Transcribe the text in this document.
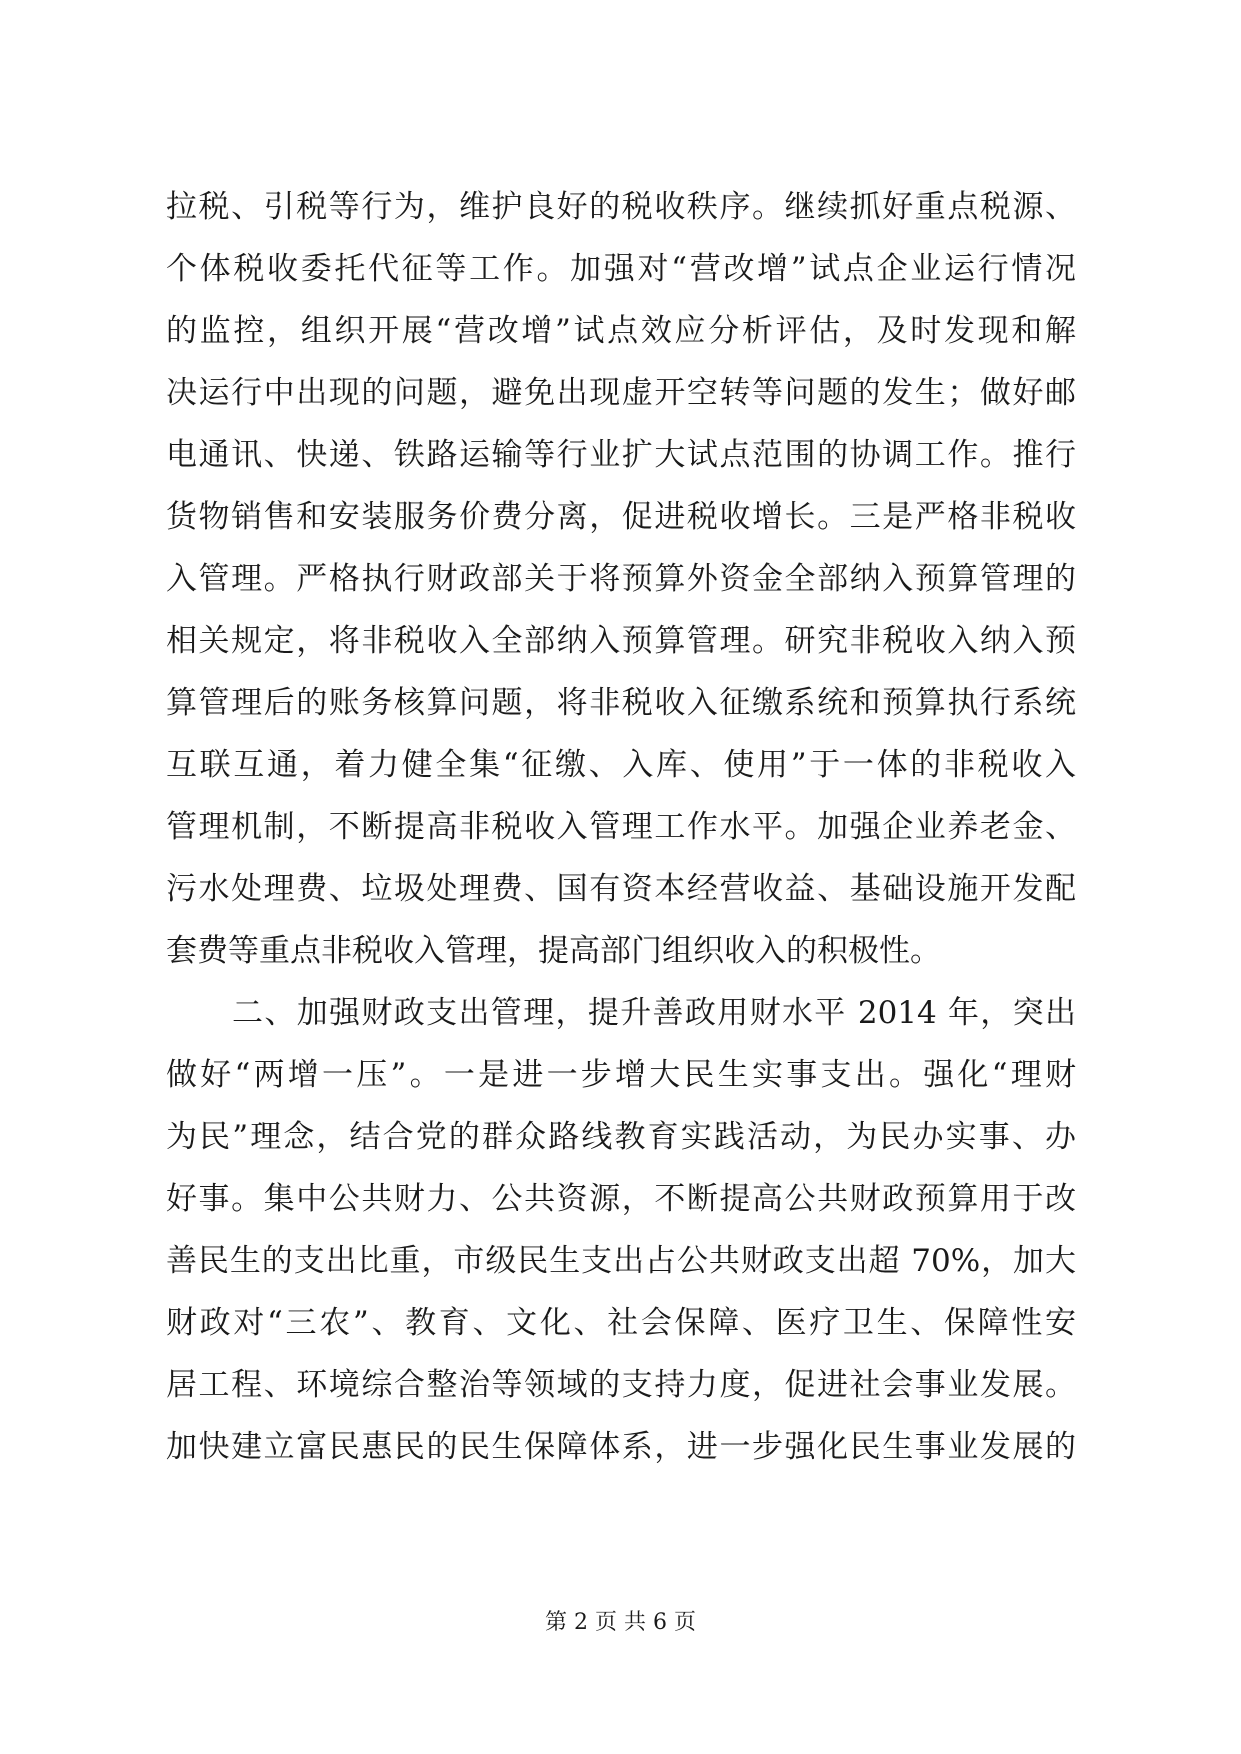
拉税、引税等行为，维护良好的税收秩序。继续抓好重点税源、
个体税收委托代征等工作。加强对“营改增”试点企业运行情况
的监控，组织开展“营改增”试点效应分析评估，及时发现和解
决运行中出现的问题，避免出现虚开空转等问题的发生；做好邮
电通讯、快递、铁路运输等行业扩大试点范围的协调工作。推行
货物销售和安装服务价费分离，促进税收增长。三是严格非税收
入管理。严格执行财政部关于将预算外资金全部纳入预算管理的
相关规定，将非税收入全部纳入预算管理。研究非税收入纳入预
算管理后的账务核算问题，将非税收入征缴系统和预算执行系统
互联互通，着力健全集“征缴、入库、使用”于一体的非税收入
管理机制，不断提高非税收入管理工作水平。加强企业养老金、
污水处理费、垃圾处理费、国有资本经营收益、基础设施开发配
套费等重点非税收入管理，提高部门组织收入的积极性。
二、加强财政支出管理，提升善政用财水平 2014 年，突出
做好“两增一压”。一是进一步增大民生实事支出。强化“理财
为民”理念，结合党的群众路线教育实践活动，为民办实事、办
好事。集中公共财力、公共资源，不断提高公共财政预算用于改
善民生的支出比重，市级民生支出占公共财政支出超 70%，加大
财政对“三农”、教育、文化、社会保障、医疗卫生、保障性安
居工程、环境综合整治等领域的支持力度，促进社会事业发展。
加快建立富民惠民的民生保障体系，进一步强化民生事业发展的
第 2 页 共 6 页
